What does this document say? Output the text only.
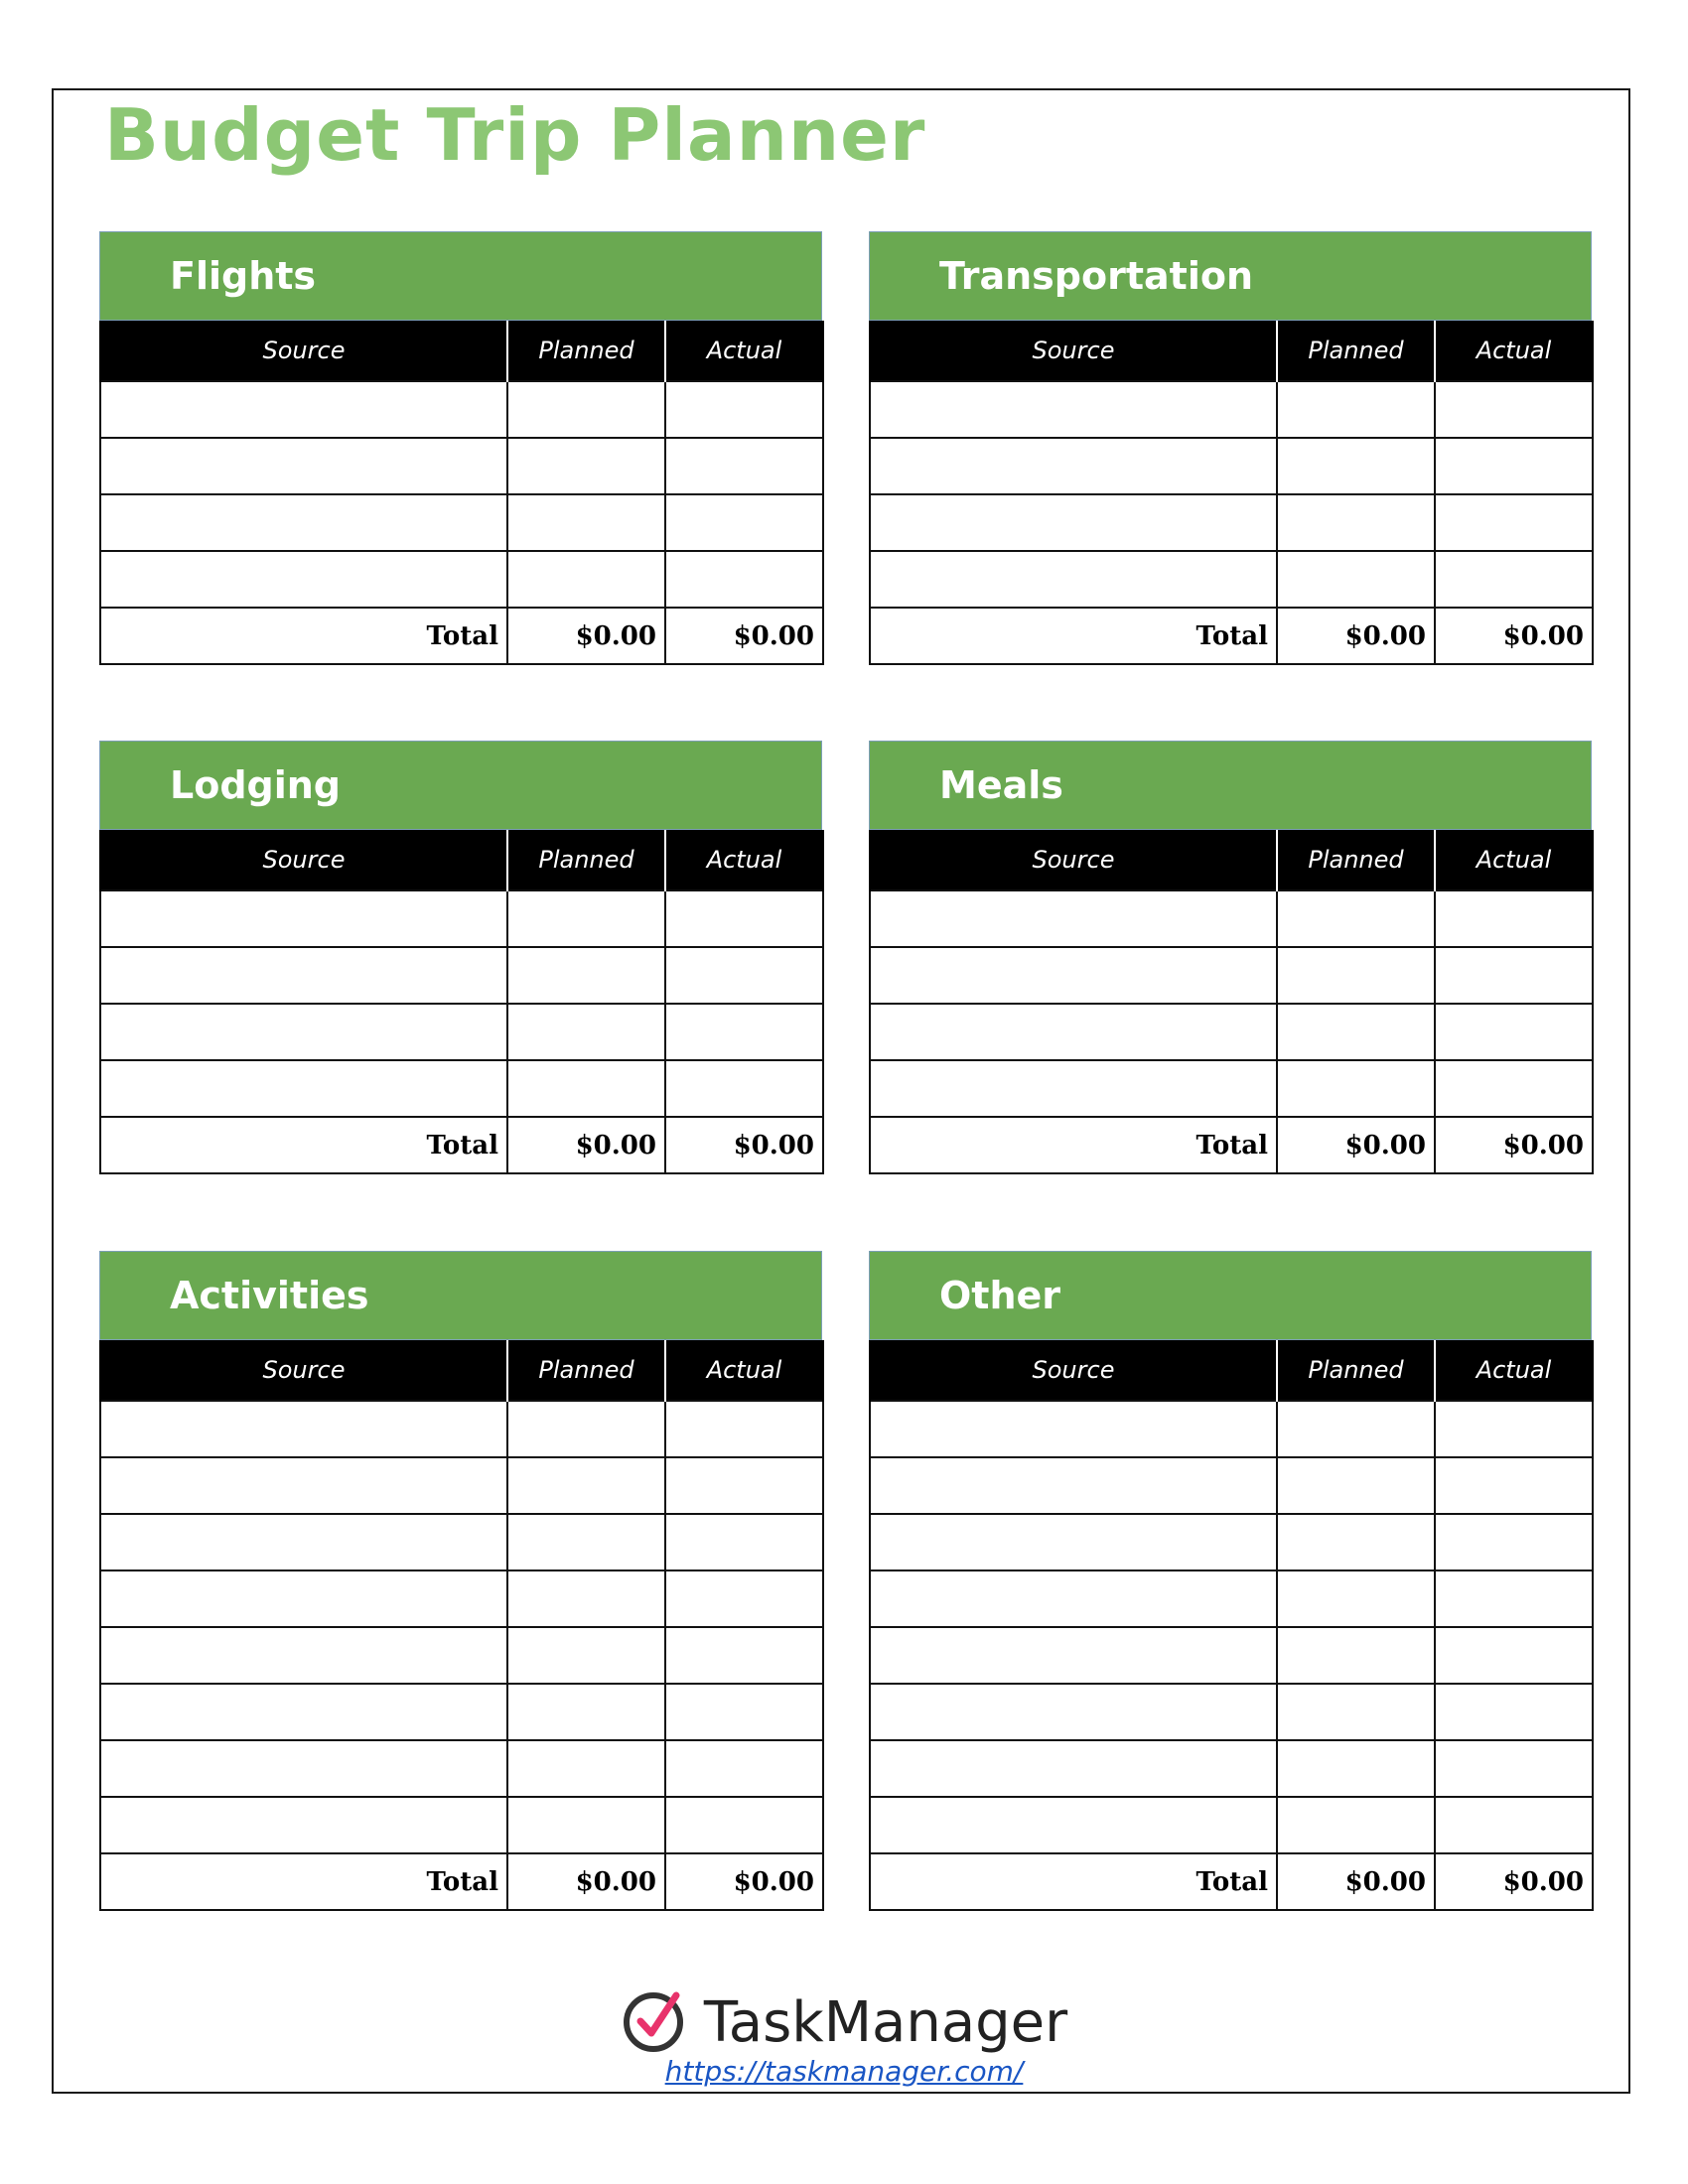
Budget Trip Planner
Flights
Source	Planned	Actual

Total	$0.00	$0.00
Transportation
Source	Planned	Actual

Total	$0.00	$0.00
Lodging
Source	Planned	Actual

Total	$0.00	$0.00
Meals
Source	Planned	Actual

Total	$0.00	$0.00
Activities
Source	Planned	Actual

Total	$0.00	$0.00
Other
Source	Planned	Actual

Total	$0.00	$0.00
TaskManager
https://taskmanager.com/
